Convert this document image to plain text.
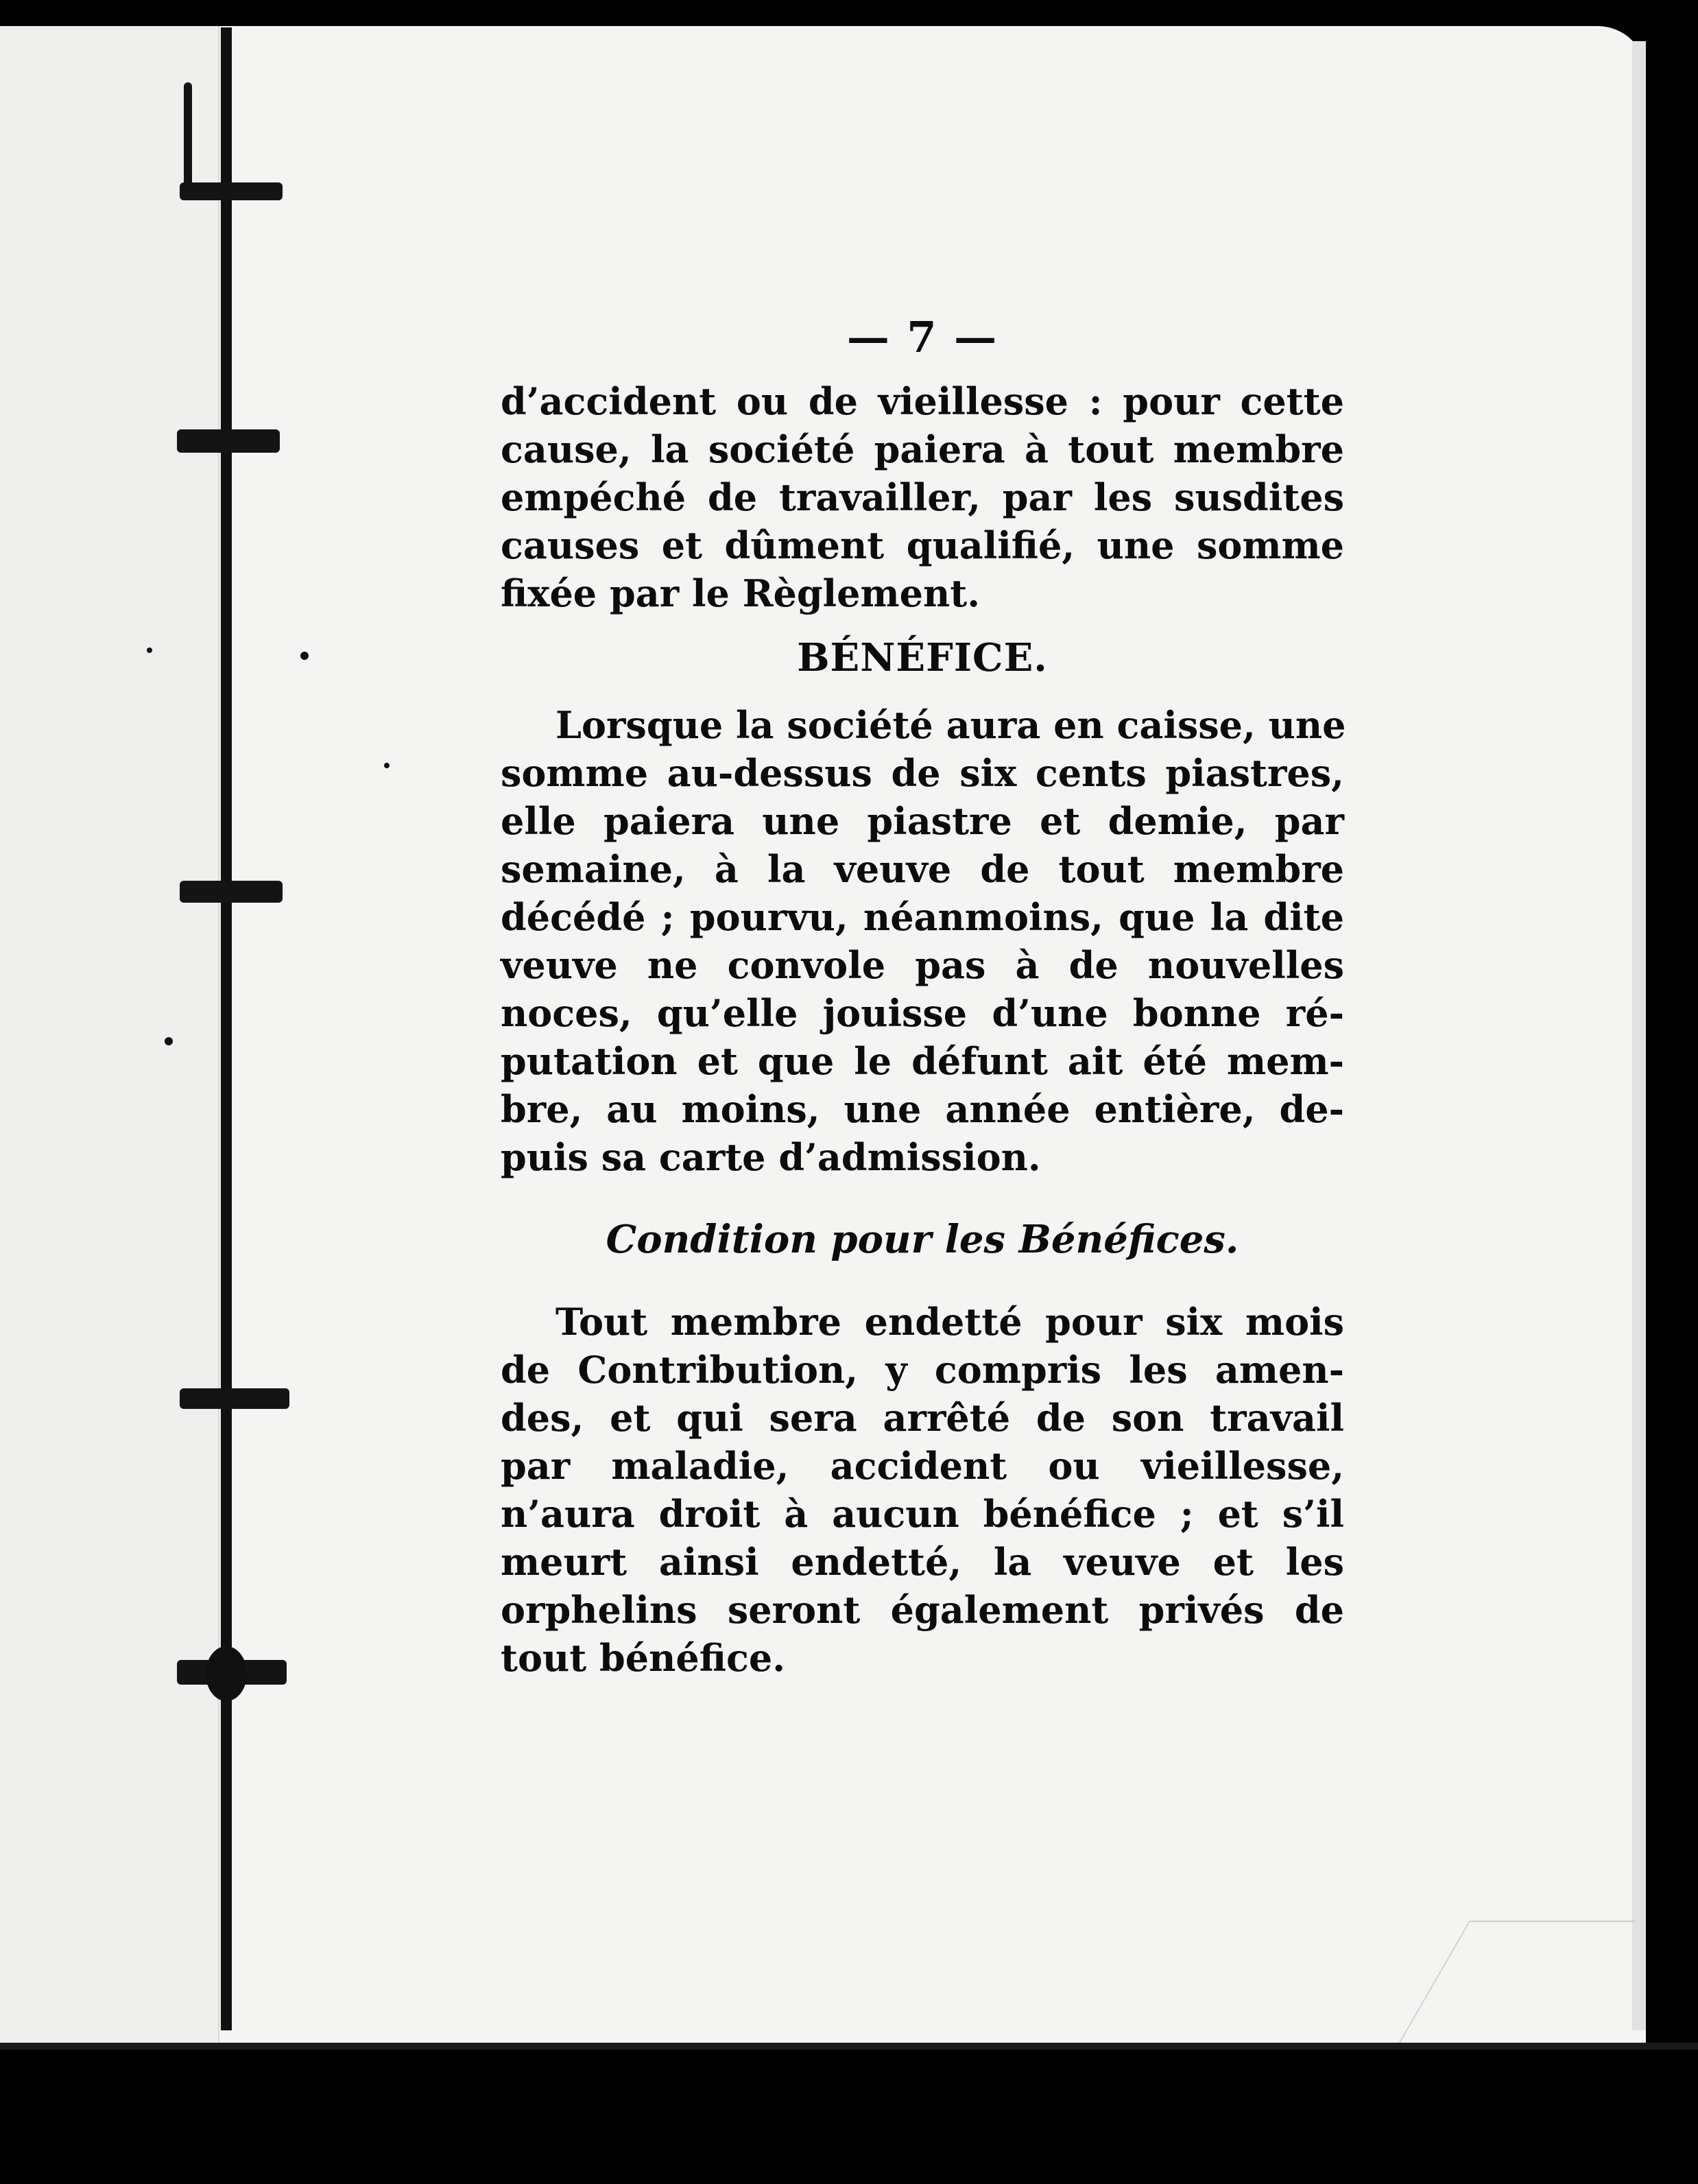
— 7 —
d’accident ou de vieillesse : pour cette
cause, la société paiera à tout membre
empéché de travailler, par les susdites
causes et dûment qualifié, une somme
fixée par le Règlement.
BÉNÉFICE.
Lorsque la société aura en caisse, une
somme au-dessus de six cents piastres,
elle paiera une piastre et demie, par
semaine, à la veuve de tout membre
décédé ; pourvu, néanmoins, que la dite
veuve ne convole pas à de nouvelles
noces, qu’elle jouisse d’une bonne ré-
putation et que le défunt ait été mem-
bre, au moins, une année entière, de-
puis sa carte d’admission.
Condition pour les Bénéfices.
Tout membre endetté pour six mois
de Contribution, y compris les amen-
des, et qui sera arrêté de son travail
par maladie, accident ou vieillesse,
n’aura droit à aucun bénéfice ; et s’il
meurt ainsi endetté, la veuve et les
orphelins seront également privés de
tout bénéfice.
